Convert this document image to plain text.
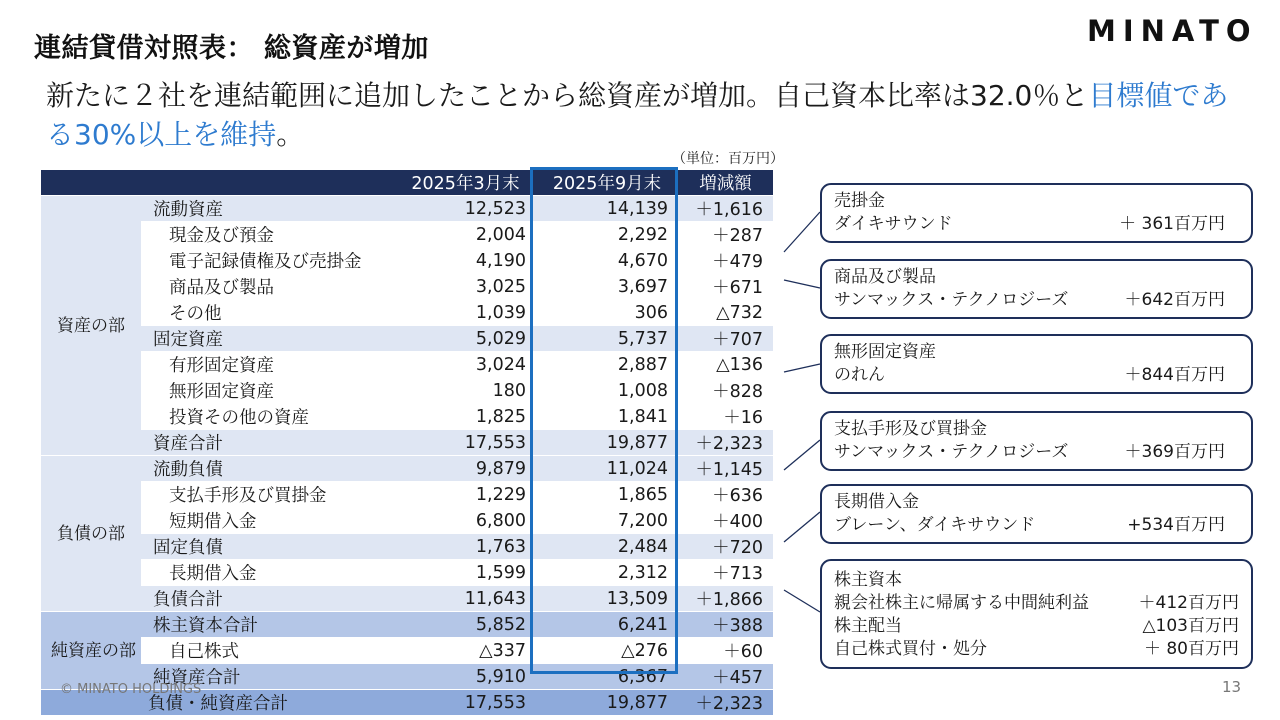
連結貸借対照表： 総資産が増加
MINATO
新たに２社を連結範囲に追加したことから総資産が増加。自己資本比率は32.0％と目標値である30%以上を維持。
（単位：百万円）
		2025年3月末	2025年9月末	増減額
資産の部	流動資産	12,523	14,139	＋1,616
	現金及び預金	2,004	2,292	＋287
	電子記録債権及び売掛金	4,190	4,670	＋479
	商品及び製品	3,025	3,697	＋671
	その他	1,039	306	△732
	固定資産	5,029	5,737	＋707
	有形固定資産	3,024	2,887	△136
	無形固定資産	180	1,008	＋828
	投資その他の資産	1,825	1,841	＋16
	資産合計	17,553	19,877	＋2,323
負債の部	流動負債	9,879	11,024	＋1,145
	支払手形及び買掛金	1,229	1,865	＋636
	短期借入金	6,800	7,200	＋400
	固定負債	1,763	2,484	＋720
	長期借入金	1,599	2,312	＋713
	負債合計	11,643	13,509	＋1,866
純資産の部	株主資本合計	5,852	6,241	＋388
	自己株式	△337	△276	＋60
	純資産合計	5,910	6,367	＋457
負債・純資産合計		17,553	19,877	＋2,323
売掛金
ダイキサウンド	＋ 361百万円
商品及び製品
サンマックス・テクノロジーズ	＋642百万円
無形固定資産
のれん	＋844百万円
支払手形及び買掛金
サンマックス・テクノロジーズ	＋369百万円
長期借入金
ブレーン、ダイキサウンド	+534百万円
株主資本
親会社株主に帰属する中間純利益	＋412百万円
株主配当	△103百万円
自己株式買付・処分	＋ 80百万円
© MINATO HOLDINGS	13
